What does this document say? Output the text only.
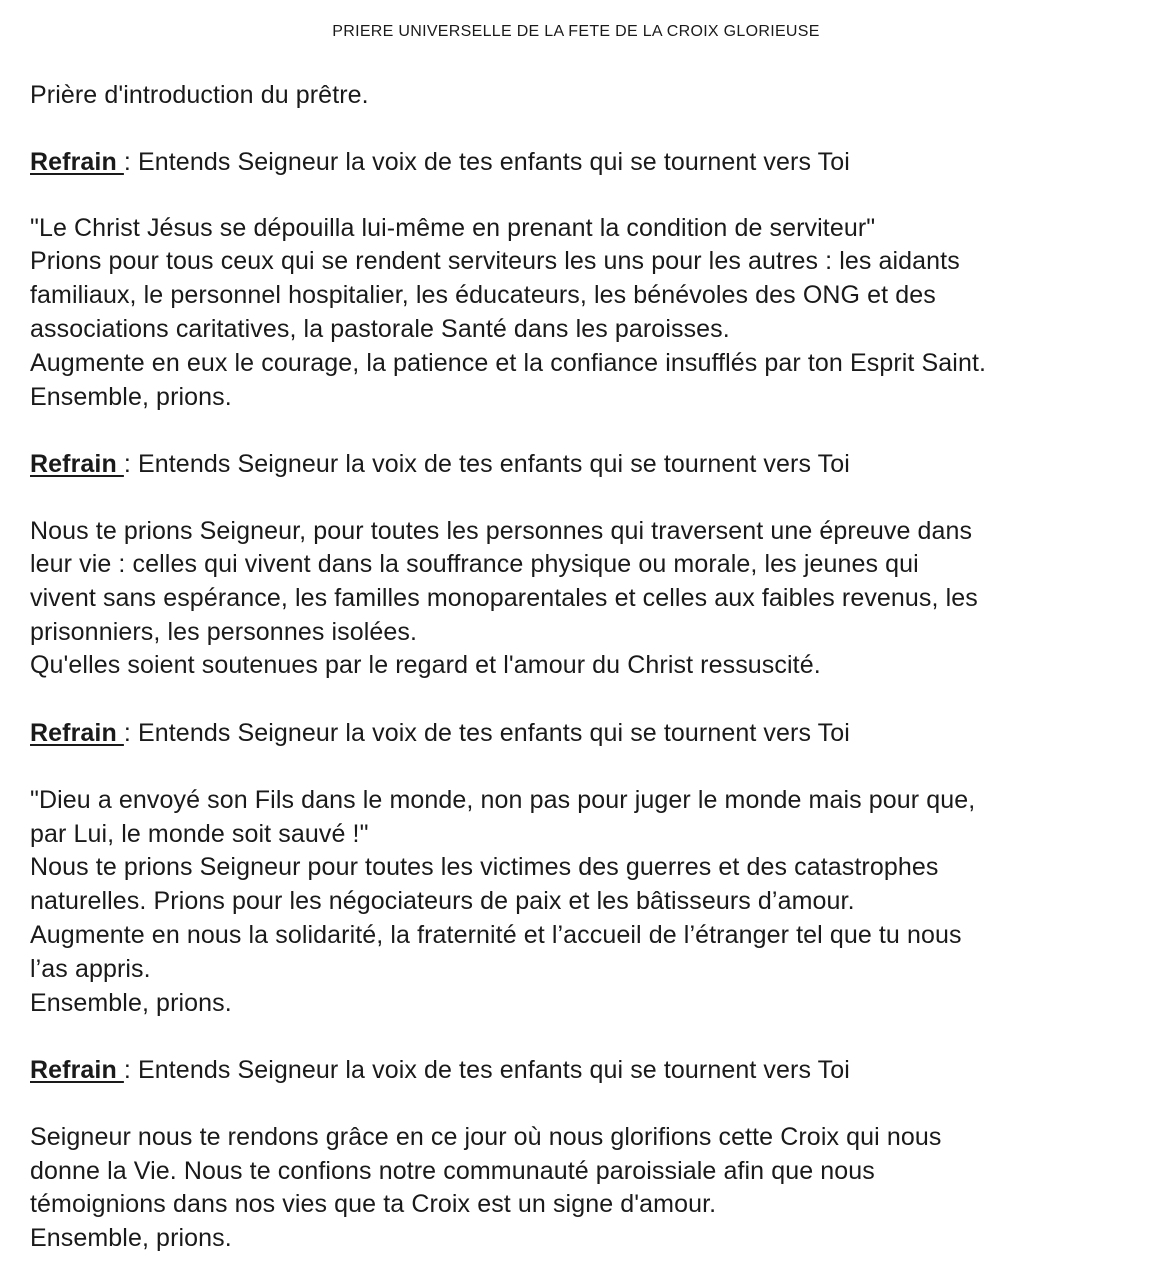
PRIERE UNIVERSELLE DE LA FETE DE LA CROIX GLORIEUSE
Prière d'introduction du prêtre.
Refrain : Entends Seigneur la voix de tes enfants qui se tournent vers Toi
"Le Christ Jésus se dépouilla lui-même en prenant la condition de serviteur"
Prions pour tous ceux qui se rendent serviteurs les uns pour les autres : les aidants
familiaux, le personnel hospitalier, les éducateurs, les bénévoles des ONG et des
associations caritatives, la pastorale Santé dans les paroisses.
Augmente en eux le courage, la patience et la confiance insufflés par ton Esprit Saint.
Ensemble, prions.
Refrain : Entends Seigneur la voix de tes enfants qui se tournent vers Toi
Nous te prions Seigneur, pour toutes les personnes qui traversent une épreuve dans
leur vie : celles qui vivent dans la souffrance physique ou morale, les jeunes qui
vivent sans espérance, les familles monoparentales et celles aux faibles revenus, les
prisonniers, les personnes isolées.
Qu'elles soient soutenues par le regard et l'amour du Christ ressuscité.
Refrain : Entends Seigneur la voix de tes enfants qui se tournent vers Toi
"Dieu a envoyé son Fils dans le monde, non pas pour juger le monde mais pour que,
par Lui, le monde soit sauvé !"
Nous te prions Seigneur pour toutes les victimes des guerres et des catastrophes
naturelles. Prions pour les négociateurs de paix et les bâtisseurs d’amour.
Augmente en nous la solidarité, la fraternité et l’accueil de l’étranger tel que tu nous
l’as appris.
Ensemble, prions.
Refrain : Entends Seigneur la voix de tes enfants qui se tournent vers Toi
Seigneur nous te rendons grâce en ce jour où nous glorifions cette Croix qui nous
donne la Vie. Nous te confions notre communauté paroissiale afin que nous
témoignions dans nos vies que ta Croix est un signe d'amour.
Ensemble, prions.
